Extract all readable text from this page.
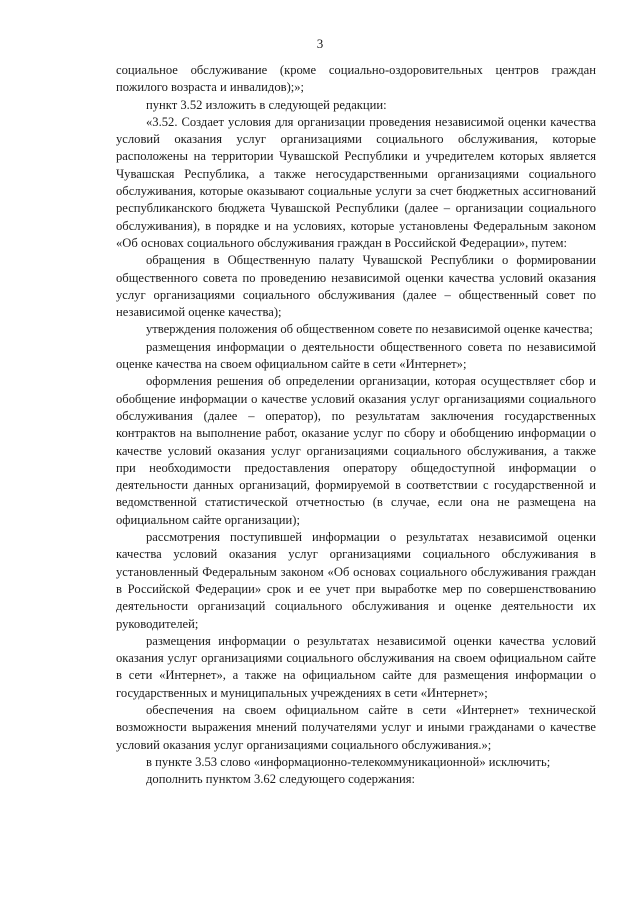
3

социальное обслуживание (кроме социально-оздоровительных центров граждан пожилого возраста и инвалидов);»;

пункт 3.52 изложить в следующей редакции:

«3.52. Создает условия для организации проведения независимой оценки качества условий оказания услуг организациями социального обслуживания, которые расположены на территории Чувашской Республики и учредителем которых является Чувашская Республика, а также негосударственными организациями социального обслуживания, которые оказывают социальные услуги за счет бюджетных ассигнований республиканского бюджета Чувашской Республики (далее – организации социального обслуживания), в порядке и на условиях, которые установлены Федеральным законом «Об основах социального обслуживания граждан в Российской Федерации», путем:

обращения в Общественную палату Чувашской Республики о формировании общественного совета по проведению независимой оценки качества условий оказания услуг организациями социального обслуживания (далее – общественный совет по независимой оценке качества);

утверждения положения об общественном совете по независимой оценке качества;

размещения информации о деятельности общественного совета по независимой оценке качества на своем официальном сайте в сети «Интернет»;

оформления решения об определении организации, которая осуществляет сбор и обобщение информации о качестве условий оказания услуг организациями социального обслуживания (далее – оператор), по результатам заключения государственных контрактов на выполнение работ, оказание услуг по сбору и обобщению информации о качестве условий оказания услуг организациями социального обслуживания, а также при необходимости предоставления оператору общедоступной информации о деятельности данных организаций, формируемой в соответствии с государственной и ведомственной статистической отчетностью (в случае, если она не размещена на официальном сайте организации);

рассмотрения поступившей информации о результатах независимой оценки качества условий оказания услуг организациями социального обслуживания в установленный Федеральным законом «Об основах социального обслуживания граждан в Российской Федерации» срок и ее учет при выработке мер по совершенствованию деятельности организаций социального обслуживания и оценке деятельности их руководителей;

размещения информации о результатах независимой оценки качества условий оказания услуг организациями социального обслуживания на своем официальном сайте в сети «Интернет», а также на официальном сайте для размещения информации о государственных и муниципальных учреждениях в сети «Интернет»;

обеспечения на своем официальном сайте в сети «Интернет» технической возможности выражения мнений получателями услуг и иными гражданами о качестве условий оказания услуг организациями социального обслуживания.»;

в пункте 3.53 слово «информационно-телекоммуникационной» исключить;

дополнить пунктом 3.62 следующего содержания:
